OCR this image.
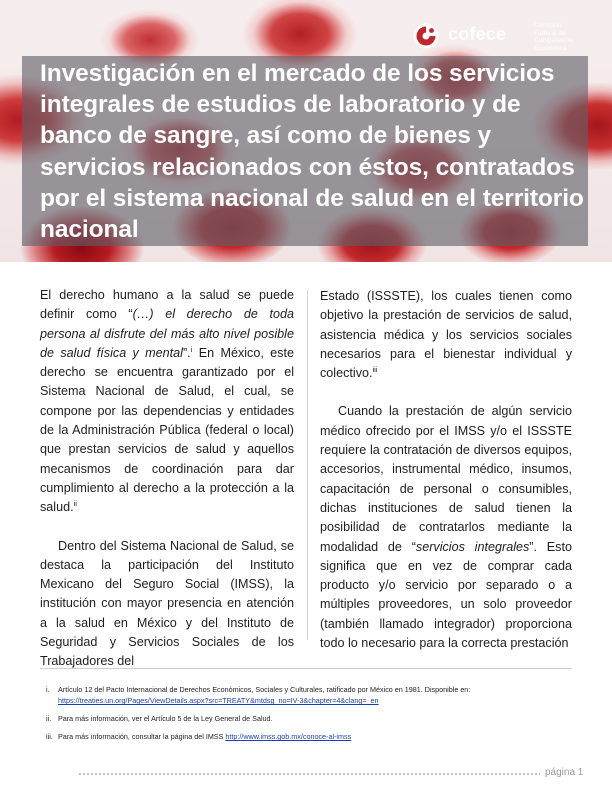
Investigación en el mercado de los servicios integrales de estudios de laboratorio y de banco de sangre, así como de bienes y servicios relacionados con éstos, contratados por el sistema nacional de salud en el territorio nacional
cofece	Comisión
Federal de
Competencia
Económica

El derecho humano a la salud se puede definir como “(…) el derecho de toda persona al disfrute del más alto nivel posible de salud física y mental”.$^i$ En México, este derecho se encuentra garantizado por el Sistema Nacional de Salud, el cual, se compone por las dependencias y entidades de la Administración Pública (federal o local) que prestan servicios de salud y aquellos mecanismos de coordinación para dar cumplimiento al derecho a la protección a la salud.$^{ii}$

Dentro del Sistema Nacional de Salud, se destaca la participación del Instituto Mexicano del Seguro Social (IMSS), la institución con mayor presencia en atención a la salud en México y del Instituto de Seguridad y Servicios Sociales de los Trabajadores del

Estado (ISSSTE), los cuales tienen como objetivo la prestación de servicios de salud, asistencia médica y los servicios sociales necesarios para el bienestar individual y colectivo.$^{iii}$

Cuando la prestación de algún servicio médico ofrecido por el IMSS y/o el ISSSTE requiere la contratación de diversos equipos, accesorios, instrumental médico, insumos, capacitación de personal o consumibles, dichas instituciones de salud tienen la posibilidad de contratarlos mediante la modalidad de “servicios integrales”. Esto significa que en vez de comprar cada producto y/o servicio por separado o a múltiples proveedores, un solo proveedor (también llamado integrador) proporciona todo lo necesario para la correcta prestación

i.	Artículo 12 del Pacto Internacional de Derechos Económicos, Sociales y Culturales, ratificado por México en 1981. Disponible en: https://treaties.un.org/Pages/ViewDetails.aspx?src=TREATY&mtdsg_no=IV-3&chapter=4&clang=_en
ii. Para más información, ver el Artículo 5 de la Ley General de Salud.
iii. Para más información, consultar la página del IMSS http://www.imss.gob.mx/conoce-al-imss
página 1
